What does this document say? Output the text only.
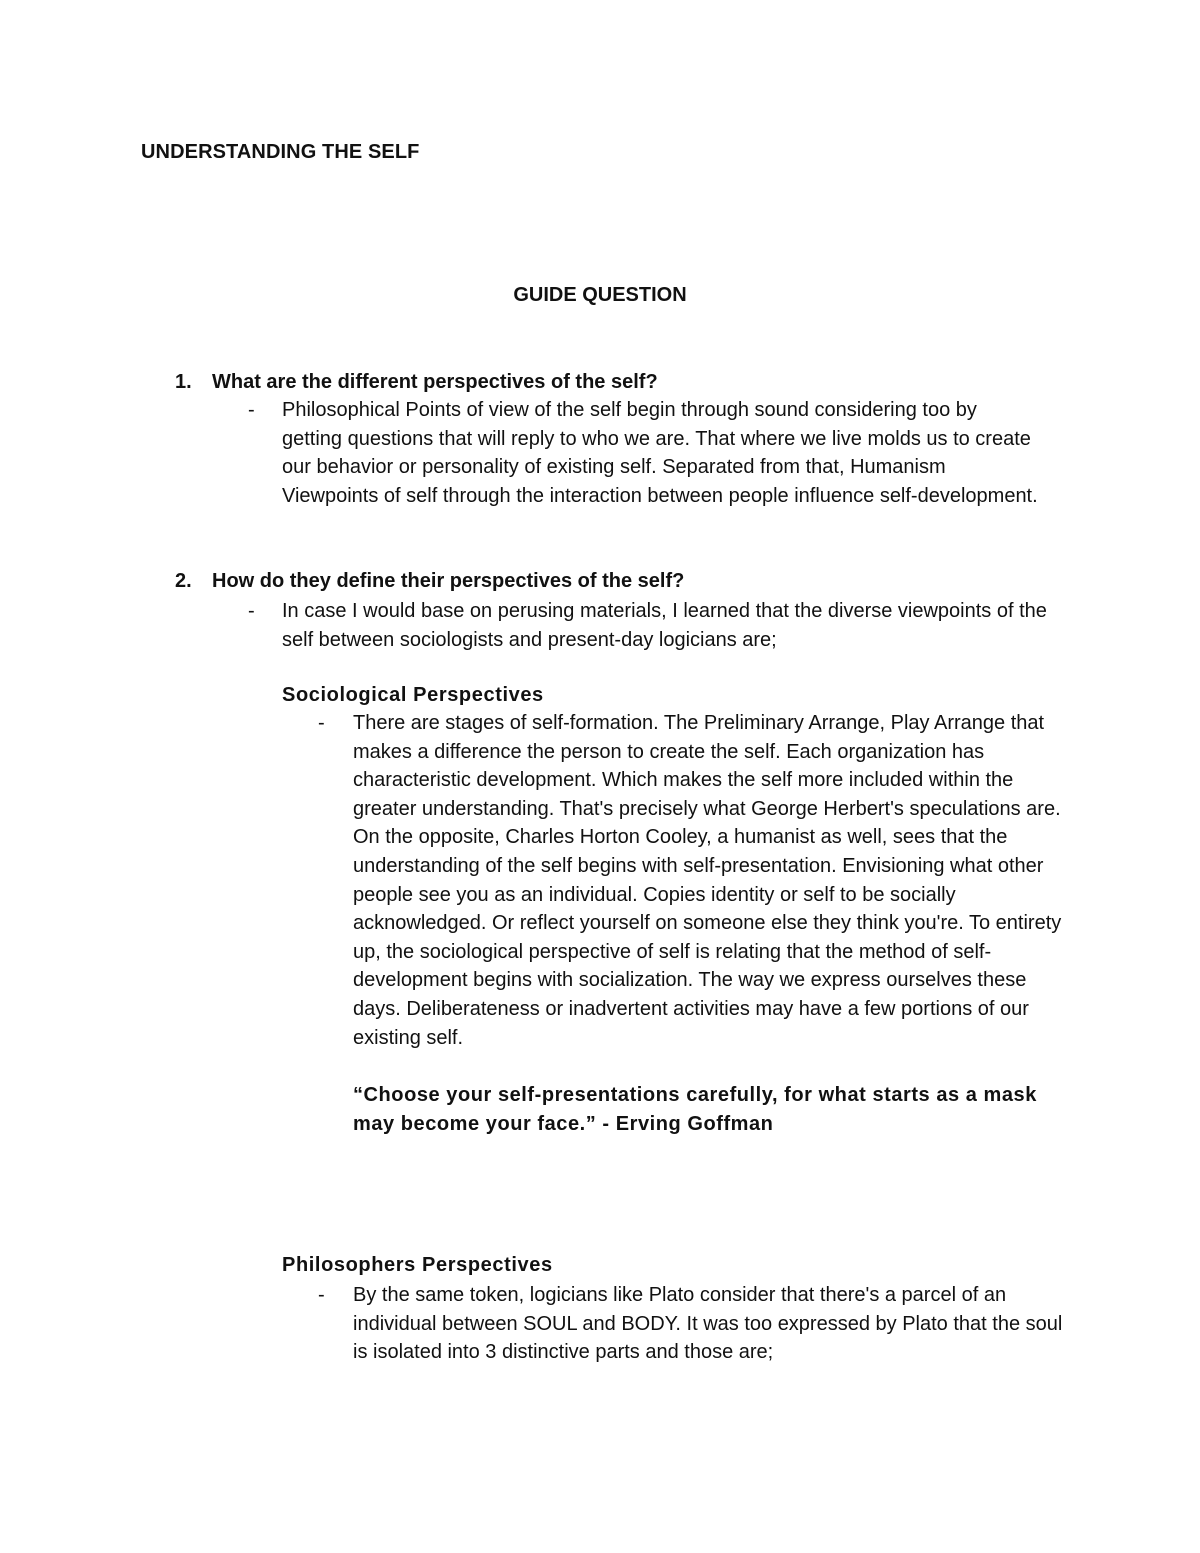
UNDERSTANDING THE SELF
GUIDE QUESTION
1. What are the different perspectives of the self?
- Philosophical Points of view of the self begin through sound considering too by getting questions that will reply to who we are. That where we live molds us to create our behavior or personality of existing self. Separated from that, Humanism Viewpoints of self through the interaction between people influence self-development.
2. How do they define their perspectives of the self?
- In case I would base on perusing materials, I learned that the diverse viewpoints of the self between sociologists and present-day logicians are;
Sociological Perspectives
- There are stages of self-formation. The Preliminary Arrange, Play Arrange that makes a difference the person to create the self. Each organization has characteristic development. Which makes the self more included within the greater understanding. That's precisely what George Herbert's speculations are. On the opposite, Charles Horton Cooley, a humanist as well, sees that the understanding of the self begins with self-presentation. Envisioning what other people see you as an individual. Copies identity or self to be socially acknowledged. Or reflect yourself on someone else they think you're. To entirety up, the sociological perspective of self is relating that the method of self-development begins with socialization. The way we express ourselves these days. Deliberateness or inadvertent activities may have a few portions of our existing self.
“Choose your self-presentations carefully, for what starts as a mask may become your face.” - Erving Goffman
Philosophers Perspectives
- By the same token, logicians like Plato consider that there's a parcel of an individual between SOUL and BODY. It was too expressed by Plato that the soul is isolated into 3 distinctive parts and those are;
